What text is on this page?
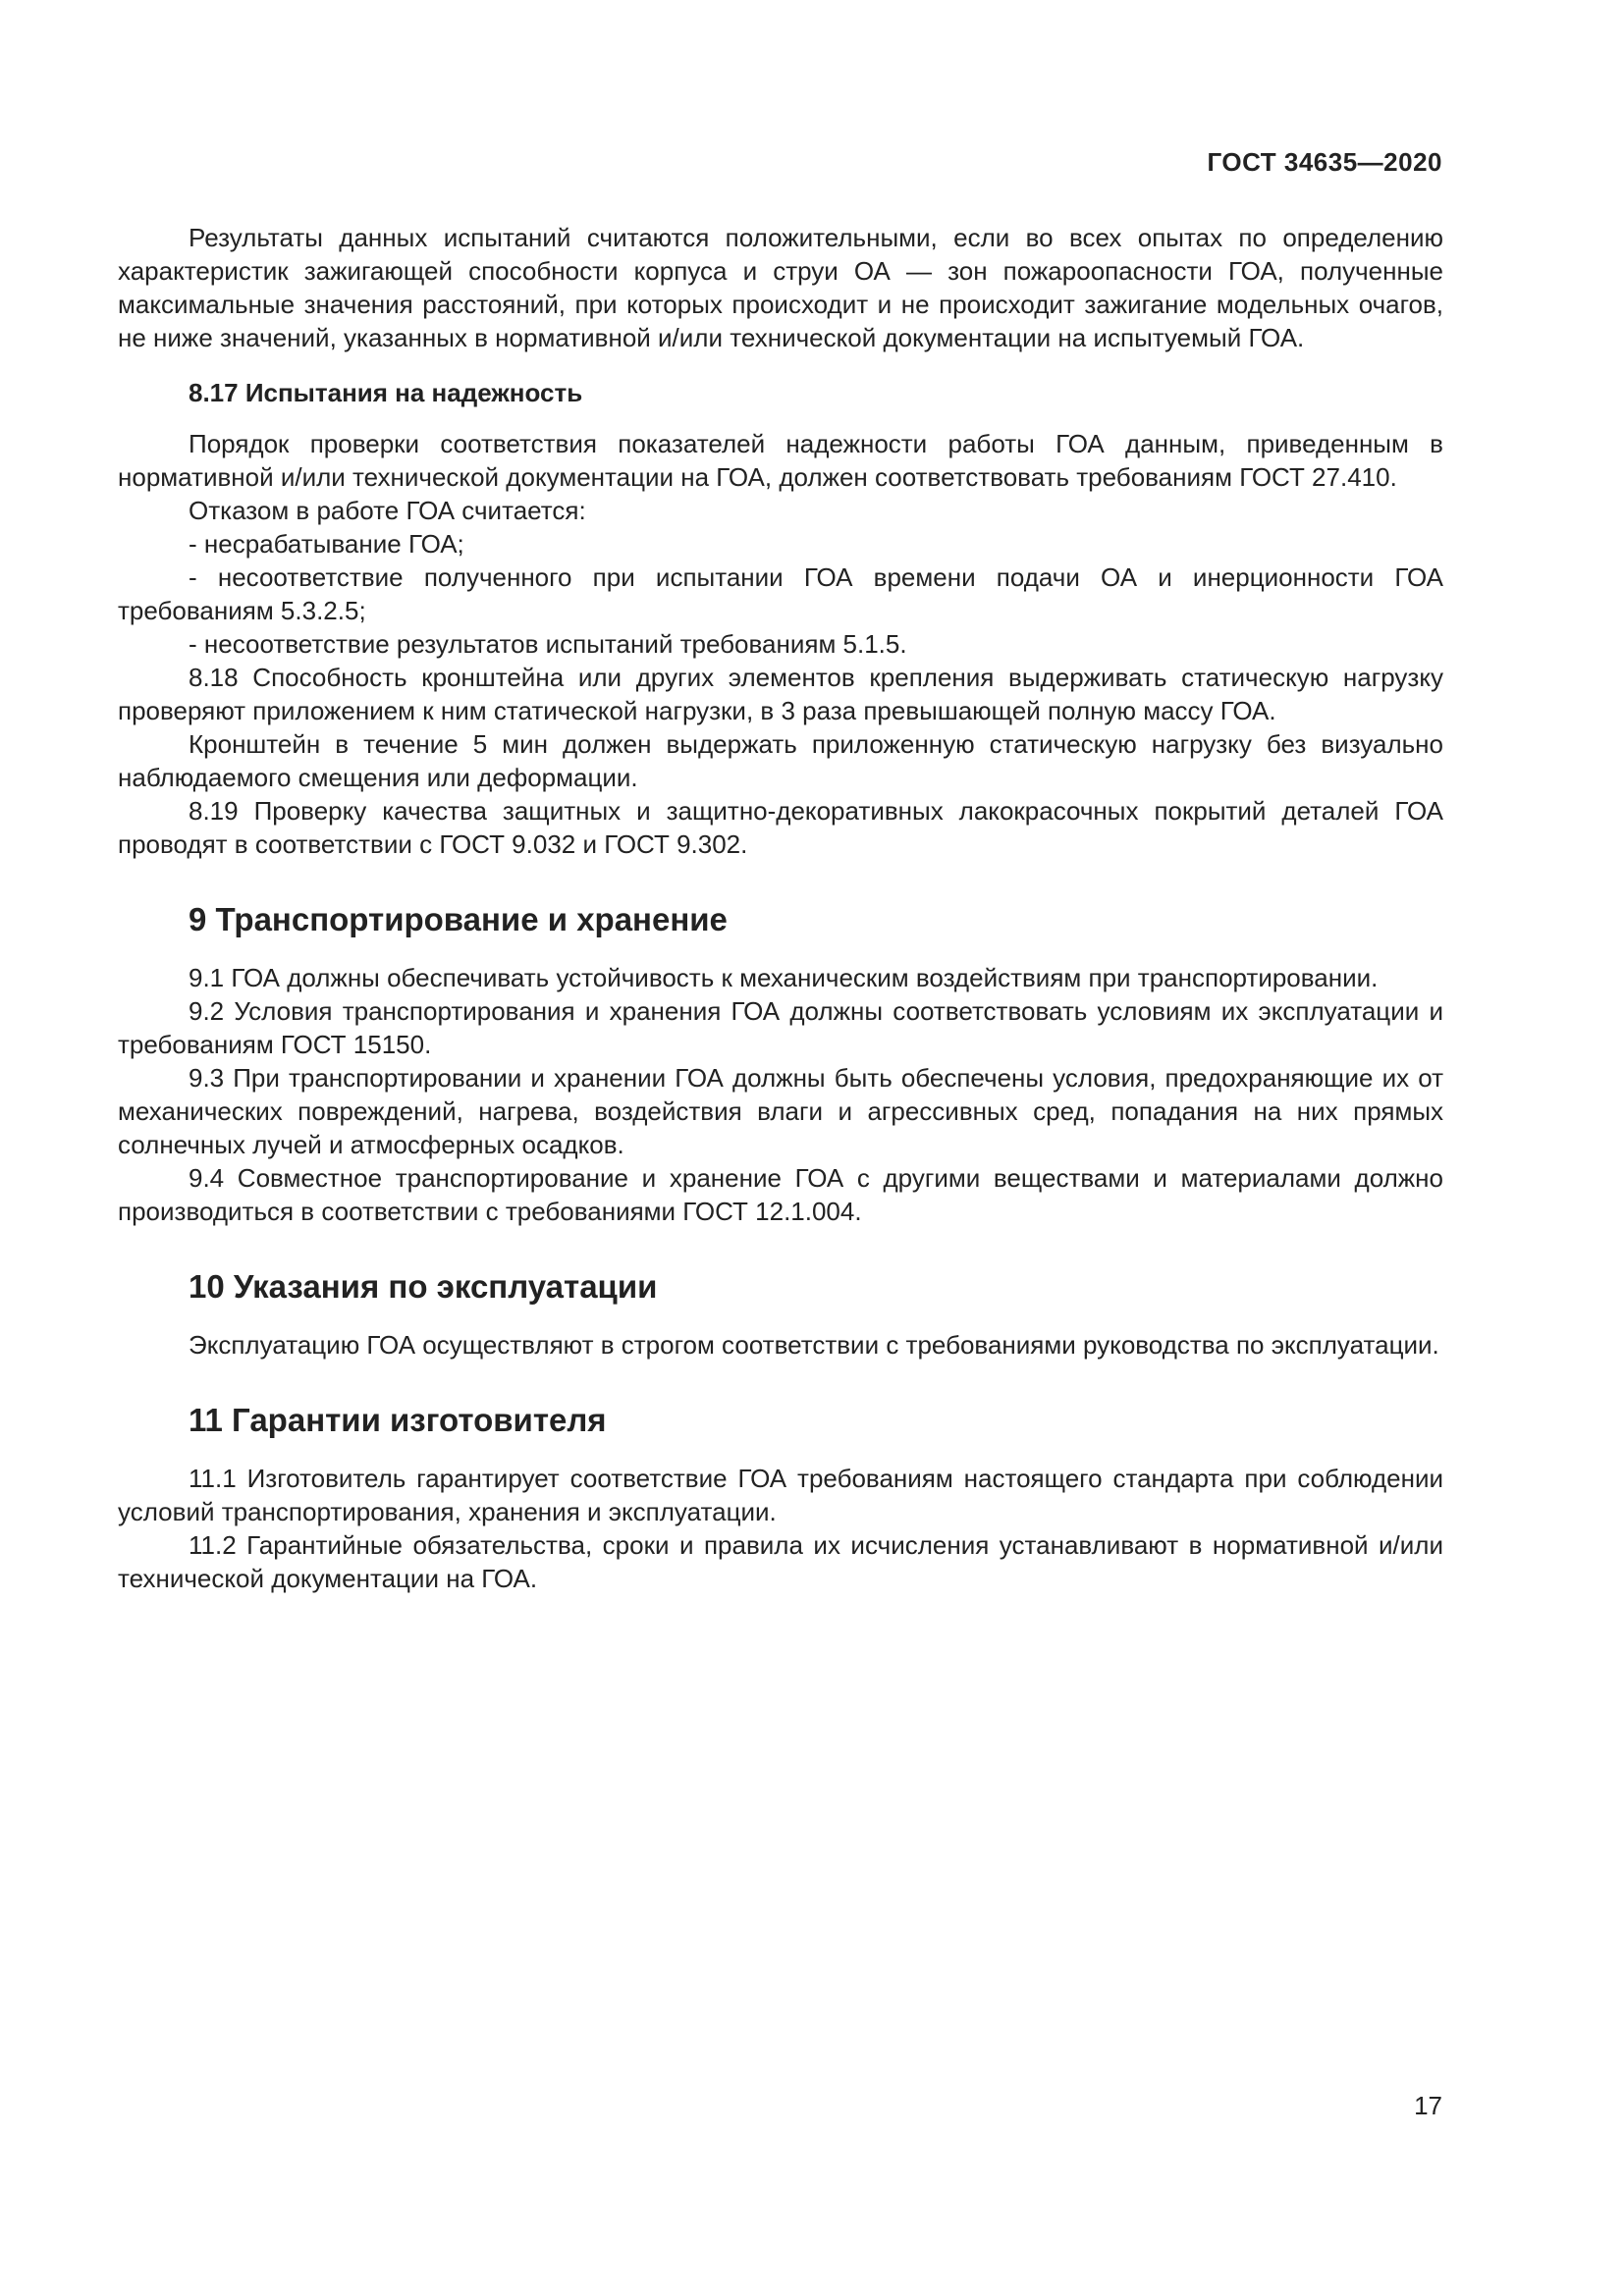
ГОСТ 34635—2020

Результаты данных испытаний считаются положительными, если во всех опытах по определению характеристик зажигающей способности корпуса и струи ОА — зон пожароопасности ГОА, полученные максимальные значения расстояний, при которых происходит и не происходит зажигание модельных очагов, не ниже значений, указанных в нормативной и/или технической документации на испытуемый ГОА.

8.17 Испытания на надежность

Порядок проверки соответствия показателей надежности работы ГОА данным, приведенным в нормативной и/или технической документации на ГОА, должен соответствовать требованиям ГОСТ 27.410.

Отказом в работе ГОА считается:

- несрабатывание ГОА;

- несоответствие полученного при испытании ГОА времени подачи ОА и инерционности ГОА требованиям 5.3.2.5;

- несоответствие результатов испытаний требованиям 5.1.5.

8.18 Способность кронштейна или других элементов крепления выдерживать статическую нагрузку проверяют приложением к ним статической нагрузки, в 3 раза превышающей полную массу ГОА.

Кронштейн в течение 5 мин должен выдержать приложенную статическую нагрузку без визуально наблюдаемого смещения или деформации.

8.19 Проверку качества защитных и защитно-декоративных лакокрасочных покрытий деталей ГОА проводят в соответствии с ГОСТ 9.032 и ГОСТ 9.302.

9 Транспортирование и хранение

9.1 ГОА должны обеспечивать устойчивость к механическим воздействиям при транспортировании.

9.2 Условия транспортирования и хранения ГОА должны соответствовать условиям их эксплуатации и требованиям ГОСТ 15150.

9.3 При транспортировании и хранении ГОА должны быть обеспечены условия, предохраняющие их от механических повреждений, нагрева, воздействия влаги и агрессивных сред, попадания на них прямых солнечных лучей и атмосферных осадков.

9.4 Совместное транспортирование и хранение ГОА с другими веществами и материалами должно производиться в соответствии с требованиями ГОСТ 12.1.004.

10 Указания по эксплуатации

Эксплуатацию ГОА осуществляют в строгом соответствии с требованиями руководства по эксплуатации.

11 Гарантии изготовителя

11.1 Изготовитель гарантирует соответствие ГОА требованиям настоящего стандарта при соблюдении условий транспортирования, хранения и эксплуатации.

11.2 Гарантийные обязательства, сроки и правила их исчисления устанавливают в нормативной и/или технической документации на ГОА.

17
